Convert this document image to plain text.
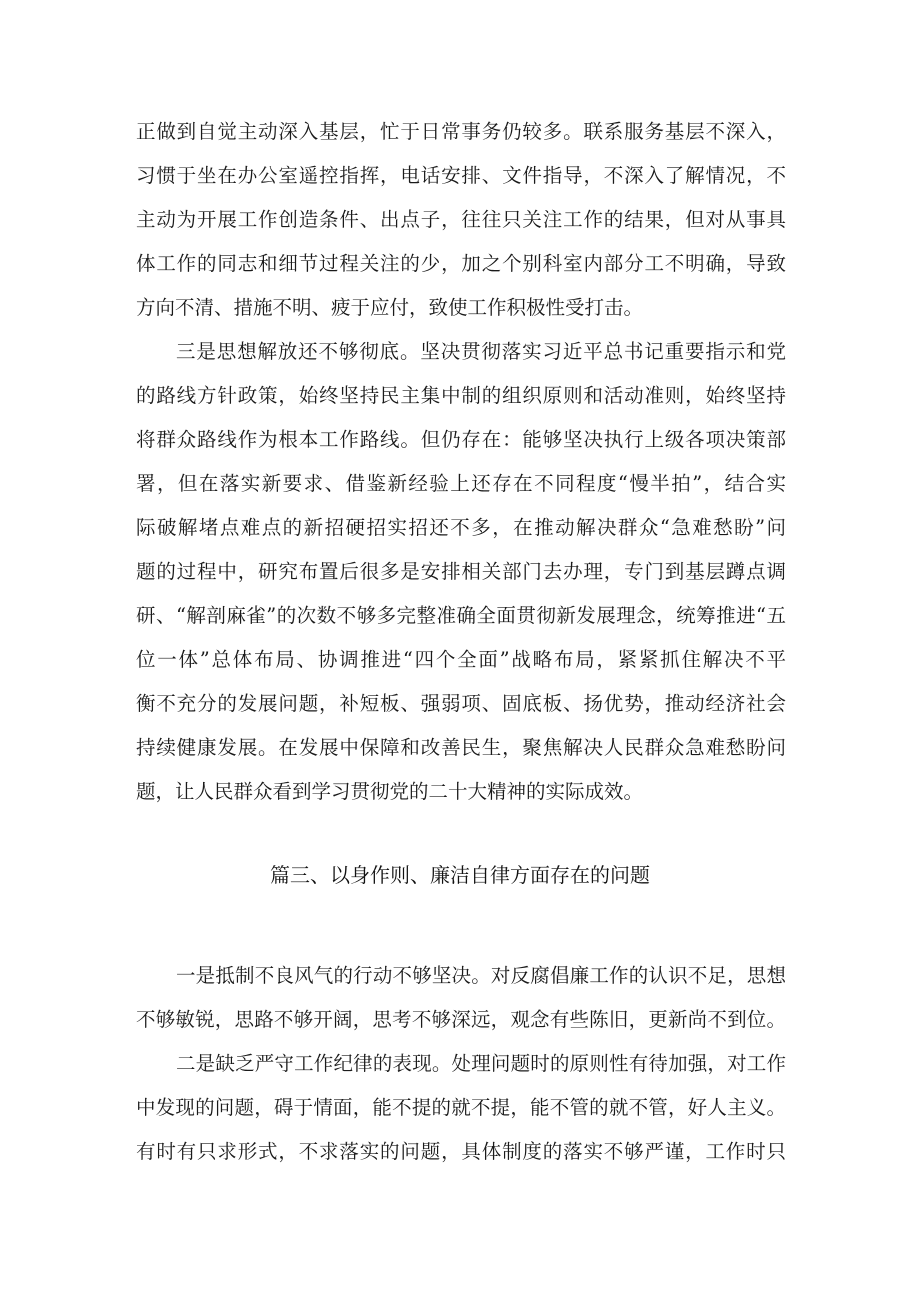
正做到自觉主动深入基层，忙于日常事务仍较多。联系服务基层不深入，
习惯于坐在办公室遥控指挥，电话安排、文件指导，不深入了解情况，不
主动为开展工作创造条件、出点子，往往只关注工作的结果，但对从事具
体工作的同志和细节过程关注的少，加之个别科室内部分工不明确，导致
方向不清、措施不明、疲于应付，致使工作积极性受打击。
三是思想解放还不够彻底。坚决贯彻落实习近平总书记重要指示和党
的路线方针政策，始终坚持民主集中制的组织原则和活动准则，始终坚持
将群众路线作为根本工作路线。但仍存在：能够坚决执行上级各项决策部
署，但在落实新要求、借鉴新经验上还存在不同程度“慢半拍”，结合实
际破解堵点难点的新招硬招实招还不多，在推动解决群众“急难愁盼”问
题的过程中，研究布置后很多是安排相关部门去办理，专门到基层蹲点调
研、“解剖麻雀”的次数不够多完整准确全面贯彻新发展理念，统筹推进“五
位一体”总体布局、协调推进“四个全面”战略布局，紧紧抓住解决不平
衡不充分的发展问题，补短板、强弱项、固底板、扬优势，推动经济社会
持续健康发展。在发展中保障和改善民生，聚焦解决人民群众急难愁盼问
题，让人民群众看到学习贯彻党的二十大精神的实际成效。
篇三、以身作则、廉洁自律方面存在的问题
一是抵制不良风气的行动不够坚决。对反腐倡廉工作的认识不足，思想
不够敏锐，思路不够开阔，思考不够深远，观念有些陈旧，更新尚不到位。
二是缺乏严守工作纪律的表现。处理问题时的原则性有待加强，对工作
中发现的问题，碍于情面，能不提的就不提，能不管的就不管，好人主义。
有时有只求形式，不求落实的问题，具体制度的落实不够严谨，工作时只
